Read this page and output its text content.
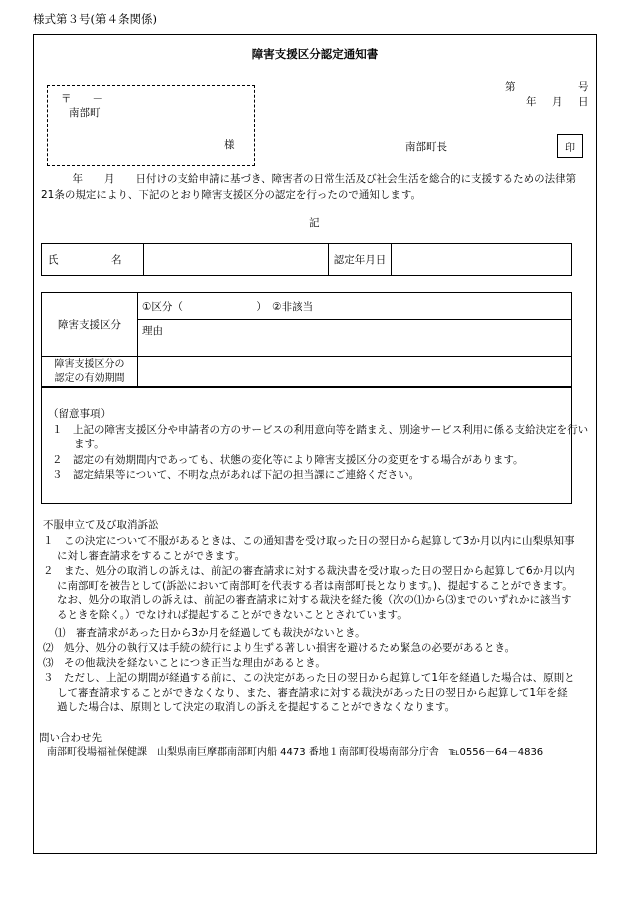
様式第３号(第４条関係)
障害支援区分認定通知書
〒　　－
南部町
様
第	号
年 月 日
南部町長	印
　　　年　　月　　日付けの支給申請に基づき、障害者の日常生活及び社会生活を総合的に支援するための法律第21条の規定により、下記のとおり障害支援区分の認定を行ったので通知します。
記
氏　　　　　名		認定年月日	
障害支援区分	①区分（　　　　　　　）　②非該当
	理由

障害支援区分の
認定の有効期間	

（留意事項）
１　上記の障害支援区分や申請者の方のサービスの利用意向等を踏まえ、別途サービス利用に係る支給決定を行います。
２　認定の有効期間内であっても、状態の変化等により障害支援区分の変更をする場合があります。
３　認定結果等について、不明な点があれば下記の担当課にご連絡ください。
不服申立て及び取消訴訟
１　この決定について不服があるときは、この通知書を受け取った日の翌日から起算して3か月以内に山梨県知事に対し審査請求をすることができます。
２　また、処分の取消しの訴えは、前記の審査請求に対する裁決書を受け取った日の翌日から起算して6か月以内に南部町を被告として(訴訟において南部町を代表する者は南部町長となります。)、提起することができます。なお、処分の取消しの訴えは、前記の審査請求に対する裁決を経た後（次の⑴から⑶までのいずれかに該当するときを除く。）でなければ提起することができないこととされています。
⑴　審査請求があった日から3か月を経過しても裁決がないとき。
⑵　処分、処分の執行又は手続の続行により生ずる著しい損害を避けるため緊急の必要があるとき。
⑶　その他裁決を経ないことにつき正当な理由があるとき。
３　ただし、上記の期間が経過する前に、この決定があった日の翌日から起算して1年を経過した場合は、原則として審査請求することができなくなり、また、審査請求に対する裁決があった日の翌日から起算して1年を経過した場合は、原則として決定の取消しの訴えを提起することができなくなります。
問い合わせ先
南部町役場福祉保健課　山梨県南巨摩郡南部町内船 4473 番地１南部町役場南部分庁舎　℡0556－64－4836
